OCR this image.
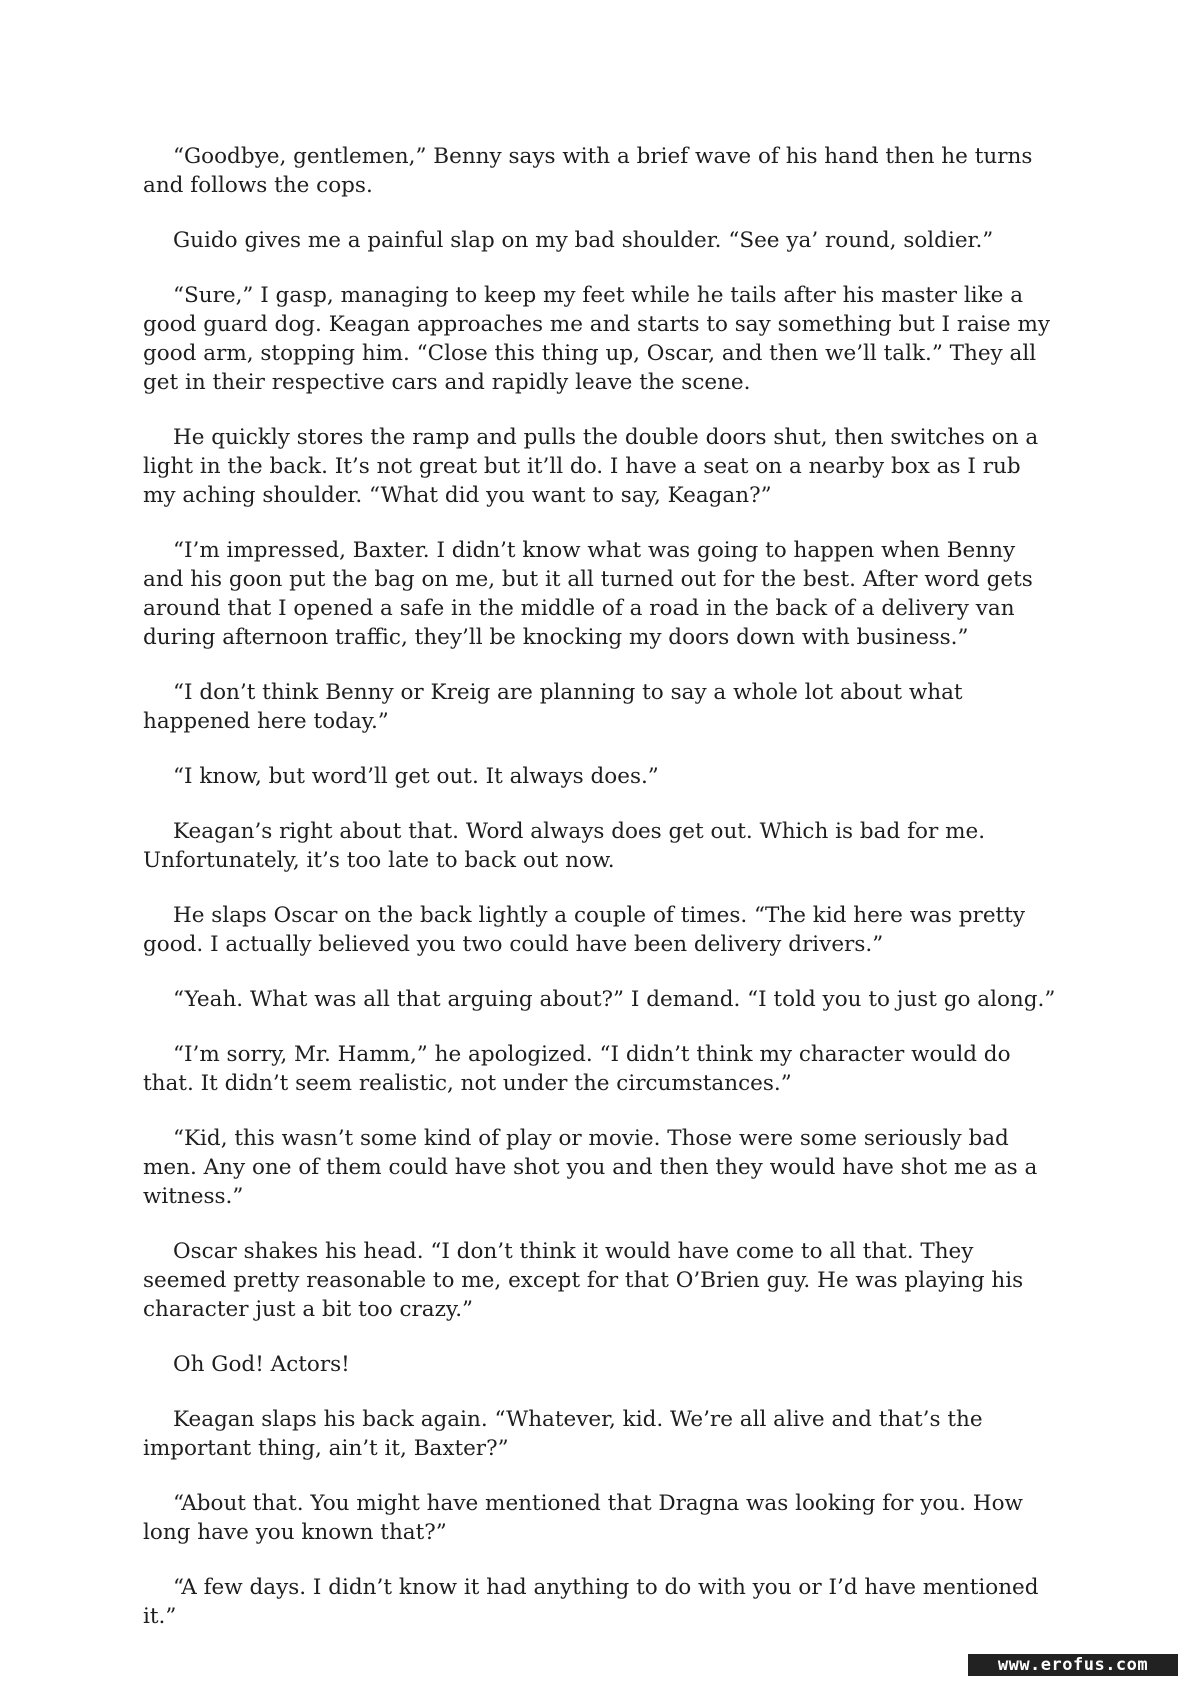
“Goodbye, gentlemen,” Benny says with a brief wave of his hand then he turns and follows the cops.

Guido gives me a painful slap on my bad shoulder. “See ya’ round, soldier.”

“Sure,” I gasp, managing to keep my feet while he tails after his master like a good guard dog. Keagan approaches me and starts to say something but I raise my good arm, stopping him. “Close this thing up, Oscar, and then we’ll talk.” They all get in their respective cars and rapidly leave the scene.

He quickly stores the ramp and pulls the double doors shut, then switches on a light in the back. It’s not great but it’ll do. I have a seat on a nearby box as I rub my aching shoulder. “What did you want to say, Keagan?”

“I’m impressed, Baxter. I didn’t know what was going to happen when Benny and his goon put the bag on me, but it all turned out for the best. After word gets around that I opened a safe in the middle of a road in the back of a delivery van during afternoon traffic, they’ll be knocking my doors down with business.”

“I don’t think Benny or Kreig are planning to say a whole lot about what happened here today.”

“I know, but word’ll get out. It always does.”

Keagan’s right about that. Word always does get out. Which is bad for me. Unfortunately, it’s too late to back out now.

He slaps Oscar on the back lightly a couple of times. “The kid here was pretty good. I actually believed you two could have been delivery drivers.”

“Yeah. What was all that arguing about?” I demand. “I told you to just go along.”

“I’m sorry, Mr. Hamm,” he apologized. “I didn’t think my character would do that. It didn’t seem realistic, not under the circumstances.”

“Kid, this wasn’t some kind of play or movie. Those were some seriously bad men. Any one of them could have shot you and then they would have shot me as a witness.”

Oscar shakes his head. “I don’t think it would have come to all that. They seemed pretty reasonable to me, except for that O’Brien guy. He was playing his character just a bit too crazy.”

Oh God! Actors!

Keagan slaps his back again. “Whatever, kid. We’re all alive and that’s the important thing, ain’t it, Baxter?”

“About that. You might have mentioned that Dragna was looking for you. How long have you known that?”

“A few days. I didn’t know it had anything to do with you or I’d have mentioned it.”

www.erofus.com
